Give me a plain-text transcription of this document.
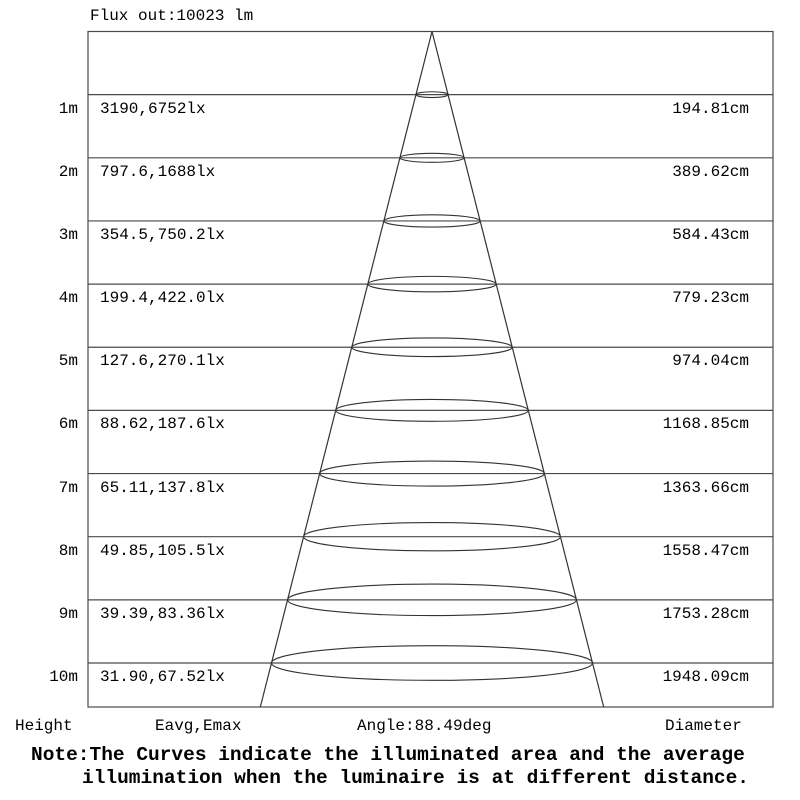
Flux out:10023 lm
1m 3190,6752lx	194.81cm
2m 797.6,1688lx	389.62cm
3m 354.5,750.2lx	584.43cm
4m 199.4,422.0lx	779.23cm
5m 127.6,270.1lx	974.04cm
6m 88.62,187.6lx	1168.85cm
7m 65.11,137.8lx	1363.66cm
8m 49.85,105.5lx	1558.47cm
9m 39.39,83.36lx	1753.28cm
10m 31.90,67.52lx	1948.09cm
Height	Eavg,Emax	Angle:88.49deg	Diameter

Note:The Curves indicate the illuminated area and the average

illumination when the luminaire is at different distance.
